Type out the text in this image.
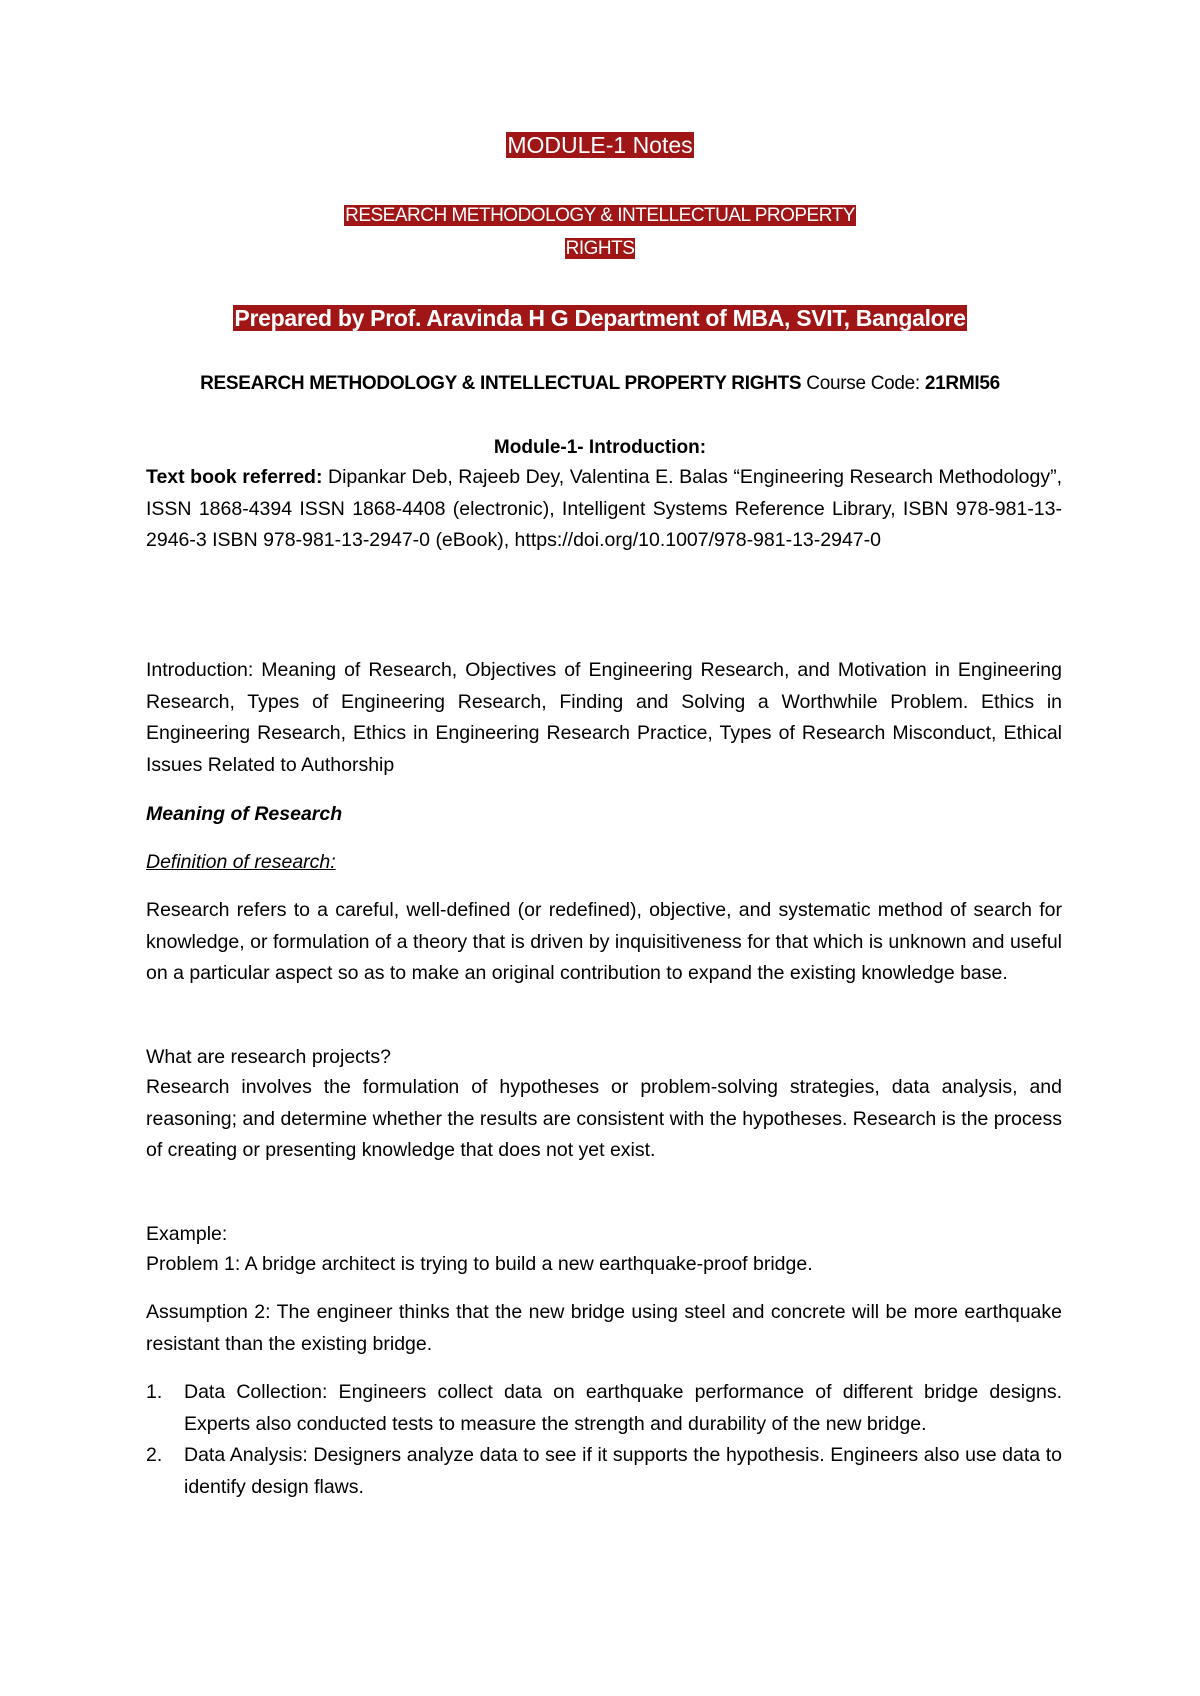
MODULE-1 Notes
RESEARCH METHODOLOGY & INTELLECTUAL PROPERTY
RIGHTS
Prepared by Prof. Aravinda H G Department of MBA, SVIT, Bangalore
RESEARCH METHODOLOGY & INTELLECTUAL PROPERTY RIGHTS Course Code: 21RMI56
Module-1- Introduction:
Text book referred: Dipankar Deb, Rajeeb Dey, Valentina E. Balas “Engineering Research Methodology”, ISSN 1868-4394 ISSN 1868-4408 (electronic), Intelligent Systems Reference Library, ISBN 978-981-13-2946-3 ISBN 978-981-13-2947-0 (eBook), https://doi.org/10.1007/978-981-13-2947-0
Introduction: Meaning of Research, Objectives of Engineering Research, and Motivation in Engineering Research, Types of Engineering Research, Finding and Solving a Worthwhile Problem. Ethics in Engineering Research, Ethics in Engineering Research Practice, Types of Research Misconduct, Ethical Issues Related to Authorship
Meaning of Research
Definition of research:
Research refers to a careful, well-defined (or redefined), objective, and systematic method of search for knowledge, or formulation of a theory that is driven by inquisitiveness for that which is unknown and useful on a particular aspect so as to make an original contribution to expand the existing knowledge base.
What are research projects?
Research involves the formulation of hypotheses or problem-solving strategies, data analysis, and reasoning; and determine whether the results are consistent with the hypotheses. Research is the process of creating or presenting knowledge that does not yet exist.
Example:
Problem 1: A bridge architect is trying to build a new earthquake-proof bridge.
Assumption 2: The engineer thinks that the new bridge using steel and concrete will be more earthquake resistant than the existing bridge.
1. Data Collection: Engineers collect data on earthquake performance of different bridge designs. Experts also conducted tests to measure the strength and durability of the new bridge.
2. Data Analysis: Designers analyze data to see if it supports the hypothesis. Engineers also use data to identify design flaws.
